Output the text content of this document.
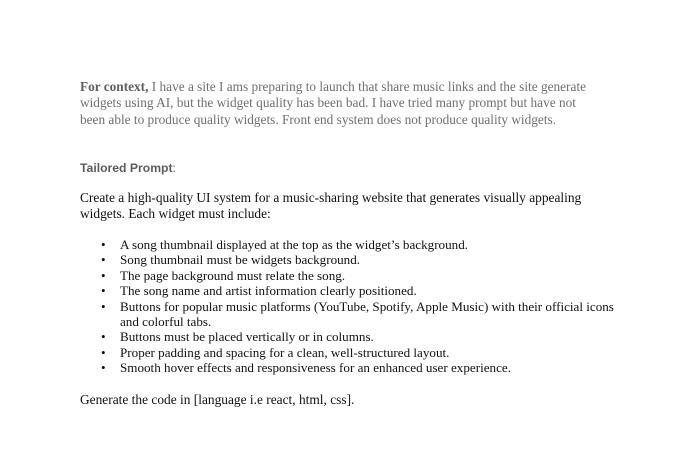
For context, I have a site I ams preparing to launch that share music links and the site generate widgets using AI, but the widget quality has been bad. I have tried many prompt but have not been able to produce quality widgets. Front end system does not produce quality widgets.

Tailored Prompt:

Create a high-quality UI system for a music-sharing website that generates visually appealing widgets. Each widget must include:

• A song thumbnail displayed at the top as the widget’s background.
• Song thumbnail must be widgets background.
• The page background must relate the song.
• The song name and artist information clearly positioned.
• Buttons for popular music platforms (YouTube, Spotify, Apple Music) with their official icons and colorful tabs.
• Buttons must be placed vertically or in columns.
• Proper padding and spacing for a clean, well-structured layout.
• Smooth hover effects and responsiveness for an enhanced user experience.

Generate the code in [language i.e react, html, css].
